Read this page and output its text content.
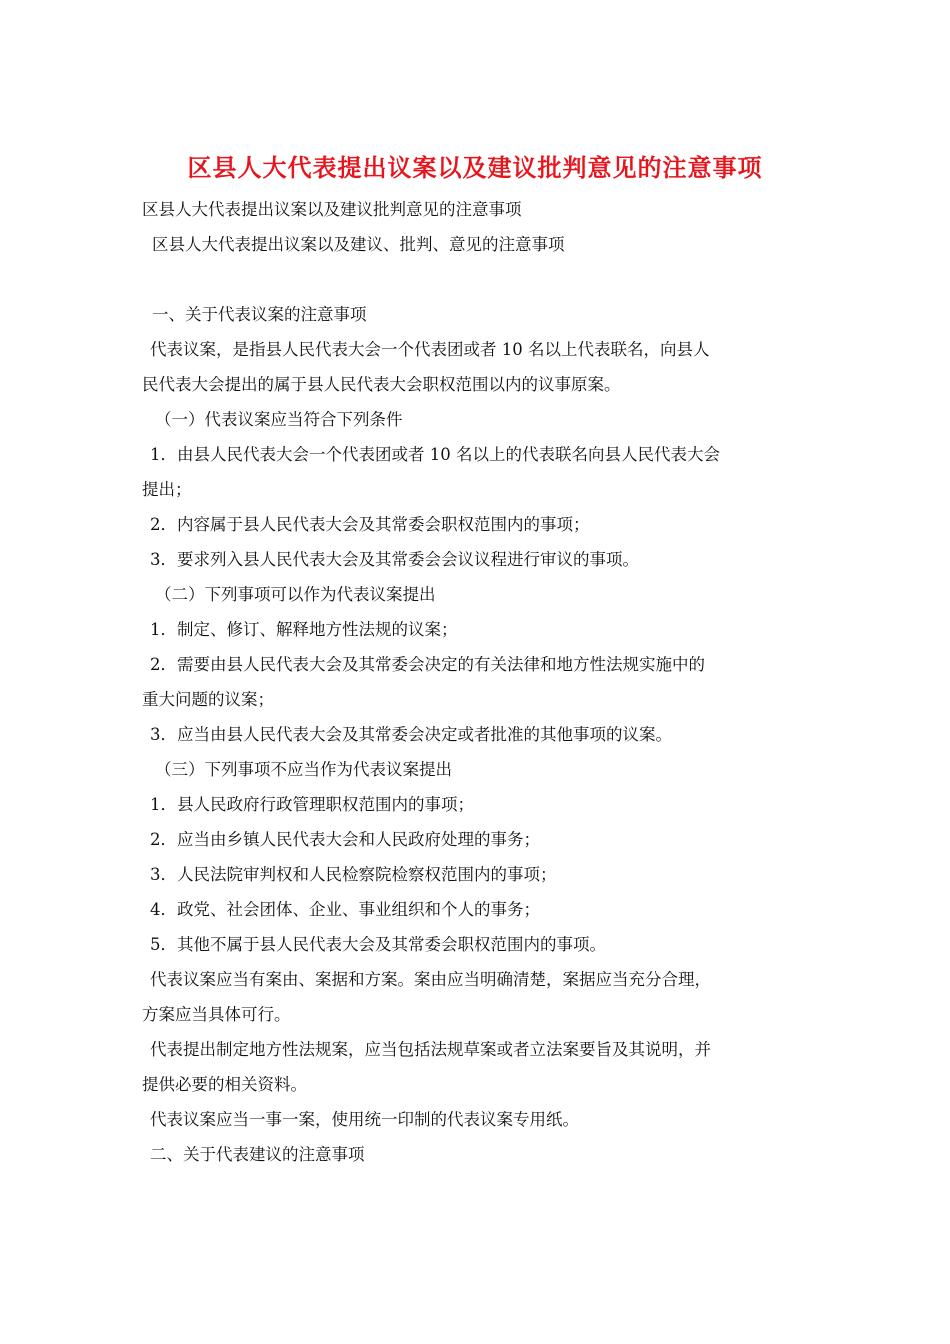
区县人大代表提出议案以及建议批判意见的注意事项

区县人大代表提出议案以及建议批判意见的注意事项

区县人大代表提出议案以及建议、批判、意见的注意事项

一、关于代表议案的注意事项

代表议案，是指县人民代表大会一个代表团或者 10 名以上代表联名，向县人

民代表大会提出的属于县人民代表大会职权范围以内的议事原案。

（一）代表议案应当符合下列条件

1．由县人民代表大会一个代表团或者 10 名以上的代表联名向县人民代表大会

提出；

2．内容属于县人民代表大会及其常委会职权范围内的事项；

3．要求列入县人民代表大会及其常委会会议议程进行审议的事项。

（二）下列事项可以作为代表议案提出

1．制定、修订、解释地方性法规的议案；

2．需要由县人民代表大会及其常委会决定的有关法律和地方性法规实施中的

重大问题的议案；

3．应当由县人民代表大会及其常委会决定或者批准的其他事项的议案。

（三）下列事项不应当作为代表议案提出

1．县人民政府行政管理职权范围内的事项；

2．应当由乡镇人民代表大会和人民政府处理的事务；

3．人民法院审判权和人民检察院检察权范围内的事项；

4．政党、社会团体、企业、事业组织和个人的事务；

5．其他不属于县人民代表大会及其常委会职权范围内的事项。

代表议案应当有案由、案据和方案。案由应当明确清楚，案据应当充分合理，

方案应当具体可行。

代表提出制定地方性法规案，应当包括法规草案或者立法案要旨及其说明，并

提供必要的相关资料。

代表议案应当一事一案，使用统一印制的代表议案专用纸。

二、关于代表建议的注意事项
